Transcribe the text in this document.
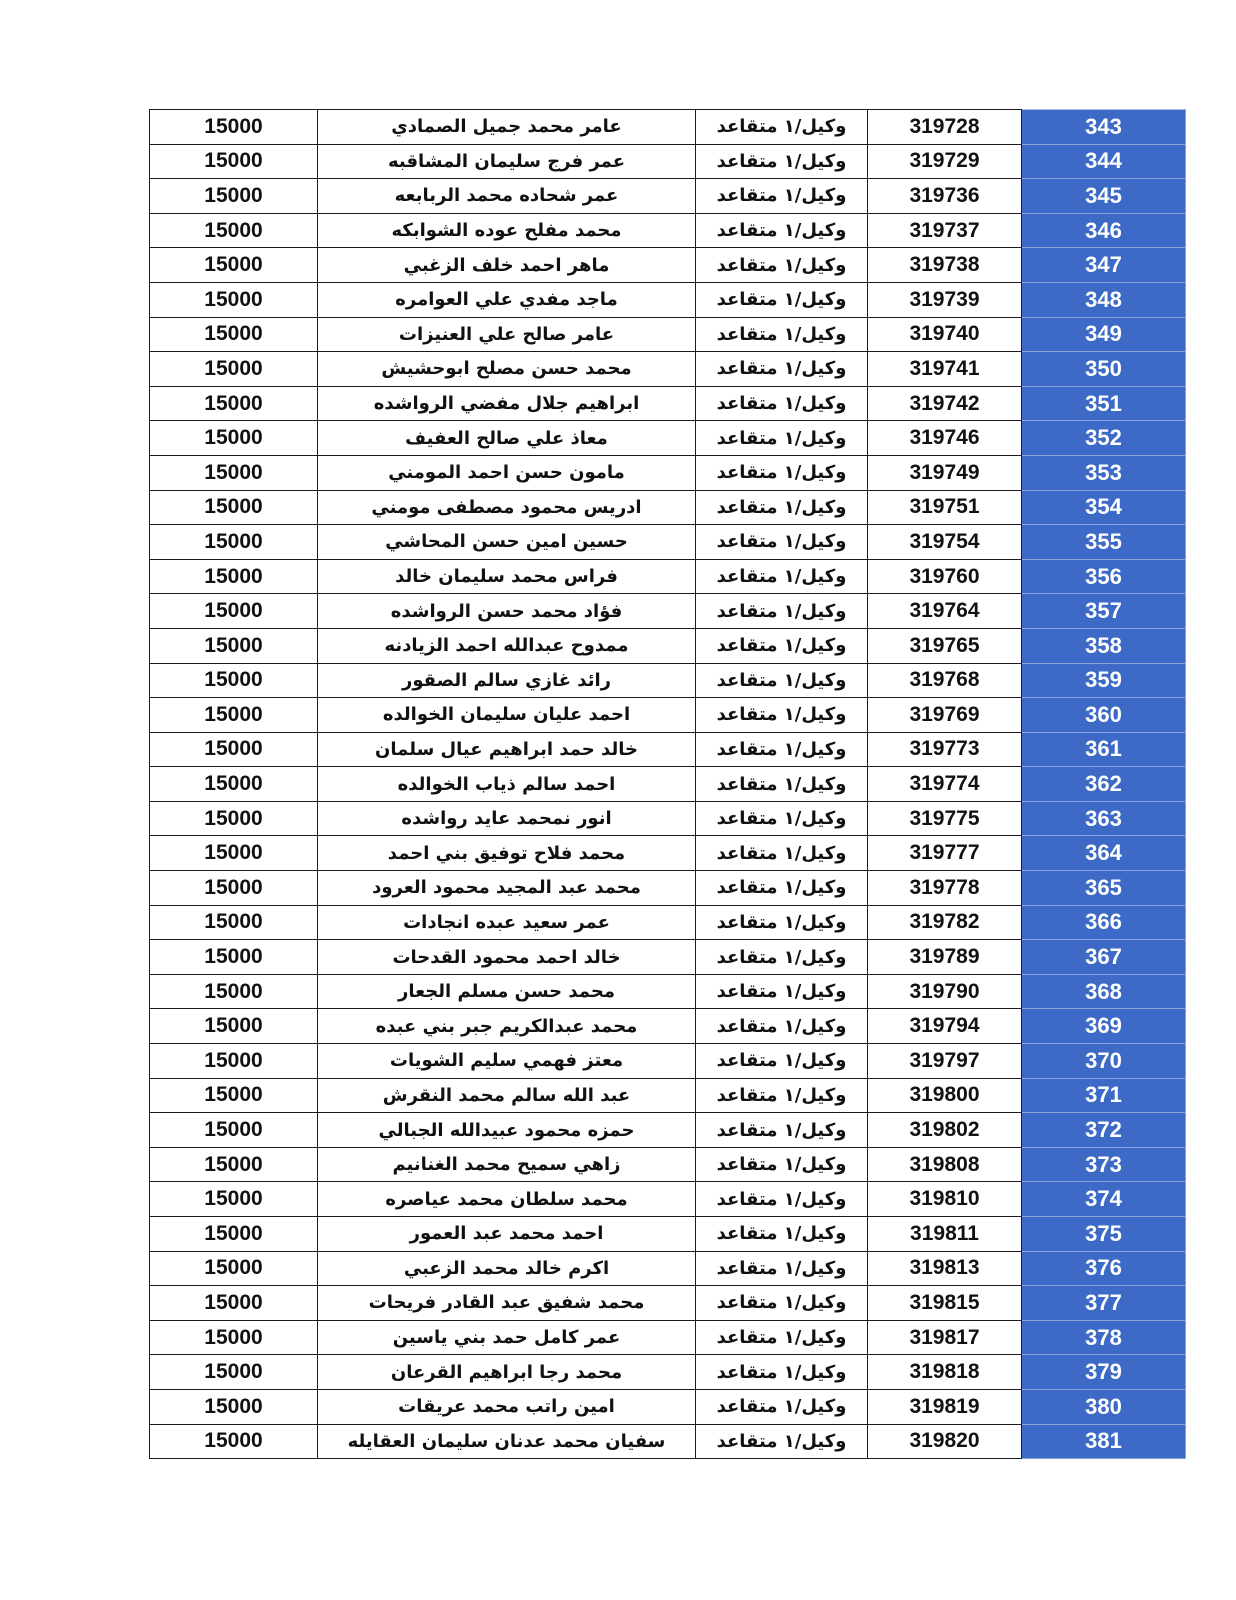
15000	عامر محمد جميل الصمادي	وكيل/١ متقاعد	319728	343
15000	عمر فرج سليمان المشاقبه	وكيل/١ متقاعد	319729	344
15000	عمر شحاده محمد الربابعه	وكيل/١ متقاعد	319736	345
15000	محمد مفلح عوده الشوابكه	وكيل/١ متقاعد	319737	346
15000	ماهر احمد خلف الزغبي	وكيل/١ متقاعد	319738	347
15000	ماجد مفدي علي العوامره	وكيل/١ متقاعد	319739	348
15000	عامر صالح علي العنيزات	وكيل/١ متقاعد	319740	349
15000	محمد حسن مصلح ابوحشيش	وكيل/١ متقاعد	319741	350
15000	ابراهيم جلال مفضي الرواشده	وكيل/١ متقاعد	319742	351
15000	معاذ علي صالح العفيف	وكيل/١ متقاعد	319746	352
15000	مامون حسن احمد المومني	وكيل/١ متقاعد	319749	353
15000	ادريس محمود مصطفى مومني	وكيل/١ متقاعد	319751	354
15000	حسين امين حسن المحاشي	وكيل/١ متقاعد	319754	355
15000	فراس محمد سليمان خالد	وكيل/١ متقاعد	319760	356
15000	فؤاد محمد حسن الرواشده	وكيل/١ متقاعد	319764	357
15000	ممدوح عبدالله احمد الزيادنه	وكيل/١ متقاعد	319765	358
15000	رائد غازي سالم الصقور	وكيل/١ متقاعد	319768	359
15000	احمد عليان سليمان الخوالده	وكيل/١ متقاعد	319769	360
15000	خالد حمد ابراهيم عيال سلمان	وكيل/١ متقاعد	319773	361
15000	احمد سالم ذياب الخوالده	وكيل/١ متقاعد	319774	362
15000	انور نمحمد عايد رواشده	وكيل/١ متقاعد	319775	363
15000	محمد فلاح توفيق بني احمد	وكيل/١ متقاعد	319777	364
15000	محمد عبد المجيد محمود العرود	وكيل/١ متقاعد	319778	365
15000	عمر سعيد عبده انجادات	وكيل/١ متقاعد	319782	366
15000	خالد احمد محمود القدحات	وكيل/١ متقاعد	319789	367
15000	محمد حسن مسلم الجعار	وكيل/١ متقاعد	319790	368
15000	محمد عبدالكريم جبر بني عبده	وكيل/١ متقاعد	319794	369
15000	معتز فهمي سليم الشويات	وكيل/١ متقاعد	319797	370
15000	عبد الله سالم محمد النقرش	وكيل/١ متقاعد	319800	371
15000	حمزه محمود عبيدالله الجبالي	وكيل/١ متقاعد	319802	372
15000	زاهي سميح محمد الغنانيم	وكيل/١ متقاعد	319808	373
15000	محمد سلطان محمد عياصره	وكيل/١ متقاعد	319810	374
15000	احمد محمد عبد العمور	وكيل/١ متقاعد	319811	375
15000	اكرم خالد محمد الزعبي	وكيل/١ متقاعد	319813	376
15000	محمد شفيق عبد القادر فريحات	وكيل/١ متقاعد	319815	377
15000	عمر كامل حمد بني ياسين	وكيل/١ متقاعد	319817	378
15000	محمد رجا ابراهيم القرعان	وكيل/١ متقاعد	319818	379
15000	امين راتب محمد عريقات	وكيل/١ متقاعد	319819	380
15000	سفيان محمد عدنان سليمان العقايله	وكيل/١ متقاعد	319820	381
